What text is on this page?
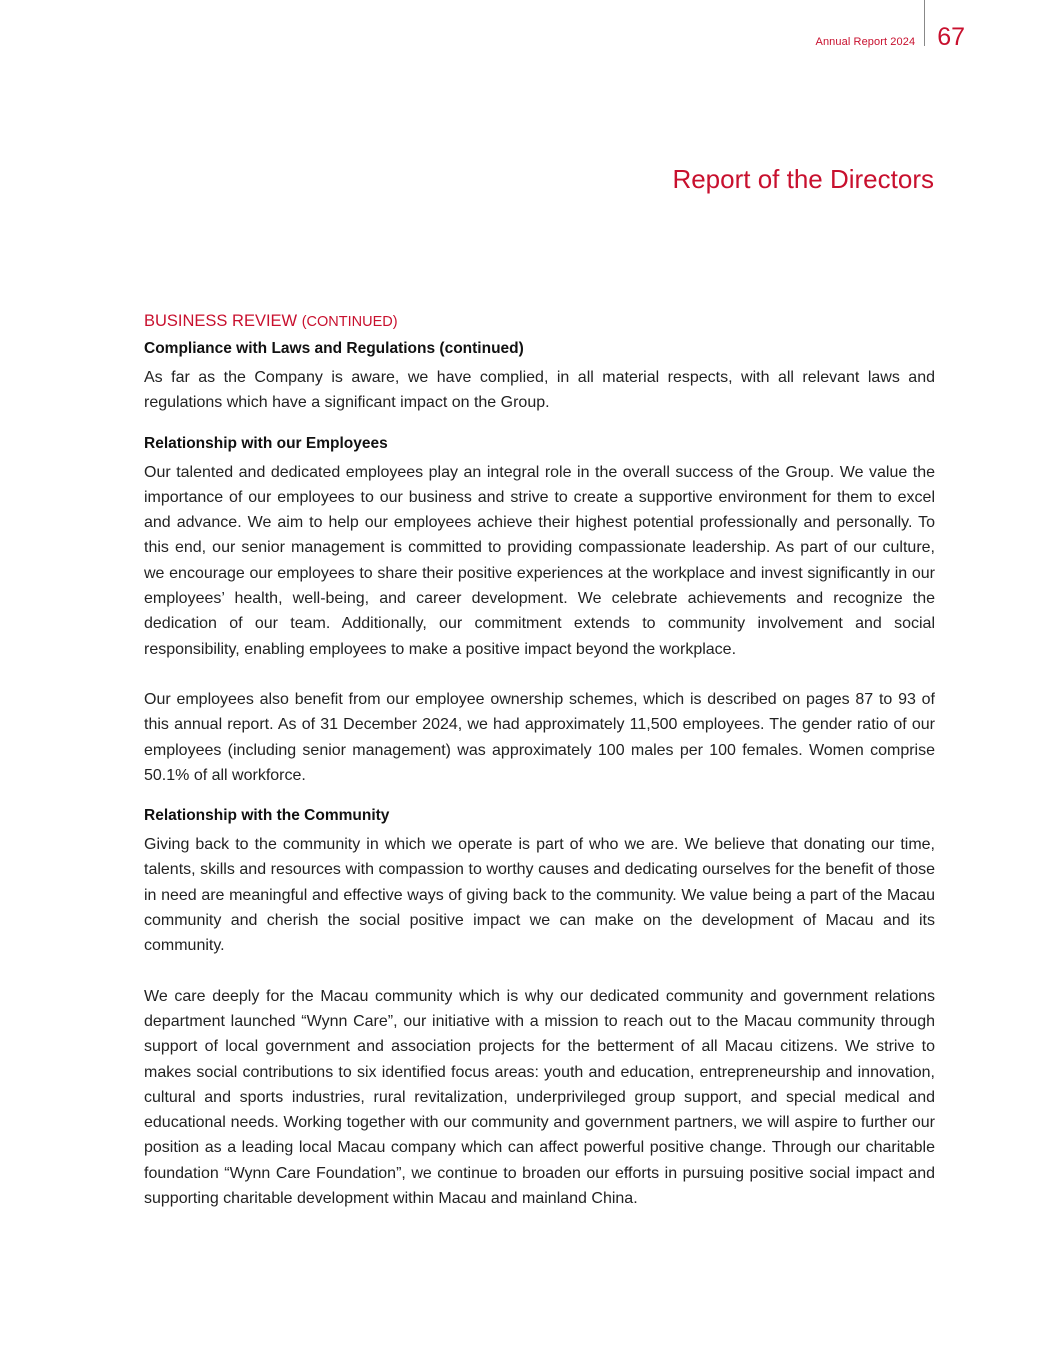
Annual Report 2024 67
Report of the Directors
BUSINESS REVIEW (CONTINUED)
Compliance with Laws and Regulations (continued)

As far as the Company is aware, we have complied, in all material respects, with all relevant laws and regulations which have a significant impact on the Group.

Relationship with our Employees

Our talented and dedicated employees play an integral role in the overall success of the Group. We value the importance of our employees to our business and strive to create a supportive environment for them to excel and advance. We aim to help our employees achieve their highest potential professionally and personally. To this end, our senior management is committed to providing compassionate leadership. As part of our culture, we encourage our employees to share their positive experiences at the workplace and invest significantly in our employees’ health, well-being, and career development. We celebrate achievements and recognize the dedication of our team. Additionally, our commitment extends to community involvement and social responsibility, enabling employees to make a positive impact beyond the workplace.

Our employees also benefit from our employee ownership schemes, which is described on pages 87 to 93 of this annual report. As of 31 December 2024, we had approximately 11,500 employees. The gender ratio of our employees (including senior management) was approximately 100 males per 100 females. Women comprise 50.1% of all workforce.

Relationship with the Community

Giving back to the community in which we operate is part of who we are. We believe that donating our time, talents, skills and resources with compassion to worthy causes and dedicating ourselves for the benefit of those in need are meaningful and effective ways of giving back to the community. We value being a part of the Macau community and cherish the social positive impact we can make on the development of Macau and its community.

We care deeply for the Macau community which is why our dedicated community and government relations department launched “Wynn Care”, our initiative with a mission to reach out to the Macau community through support of local government and association projects for the betterment of all Macau citizens. We strive to makes social contributions to six identified focus areas: youth and education, entrepreneurship and innovation, cultural and sports industries, rural revitalization, underprivileged group support, and special medical and educational needs. Working together with our community and government partners, we will aspire to further our position as a leading local Macau company which can affect powerful positive change. Through our charitable foundation “Wynn Care Foundation”, we continue to broaden our efforts in pursuing positive social impact and supporting charitable development within Macau and mainland China.
